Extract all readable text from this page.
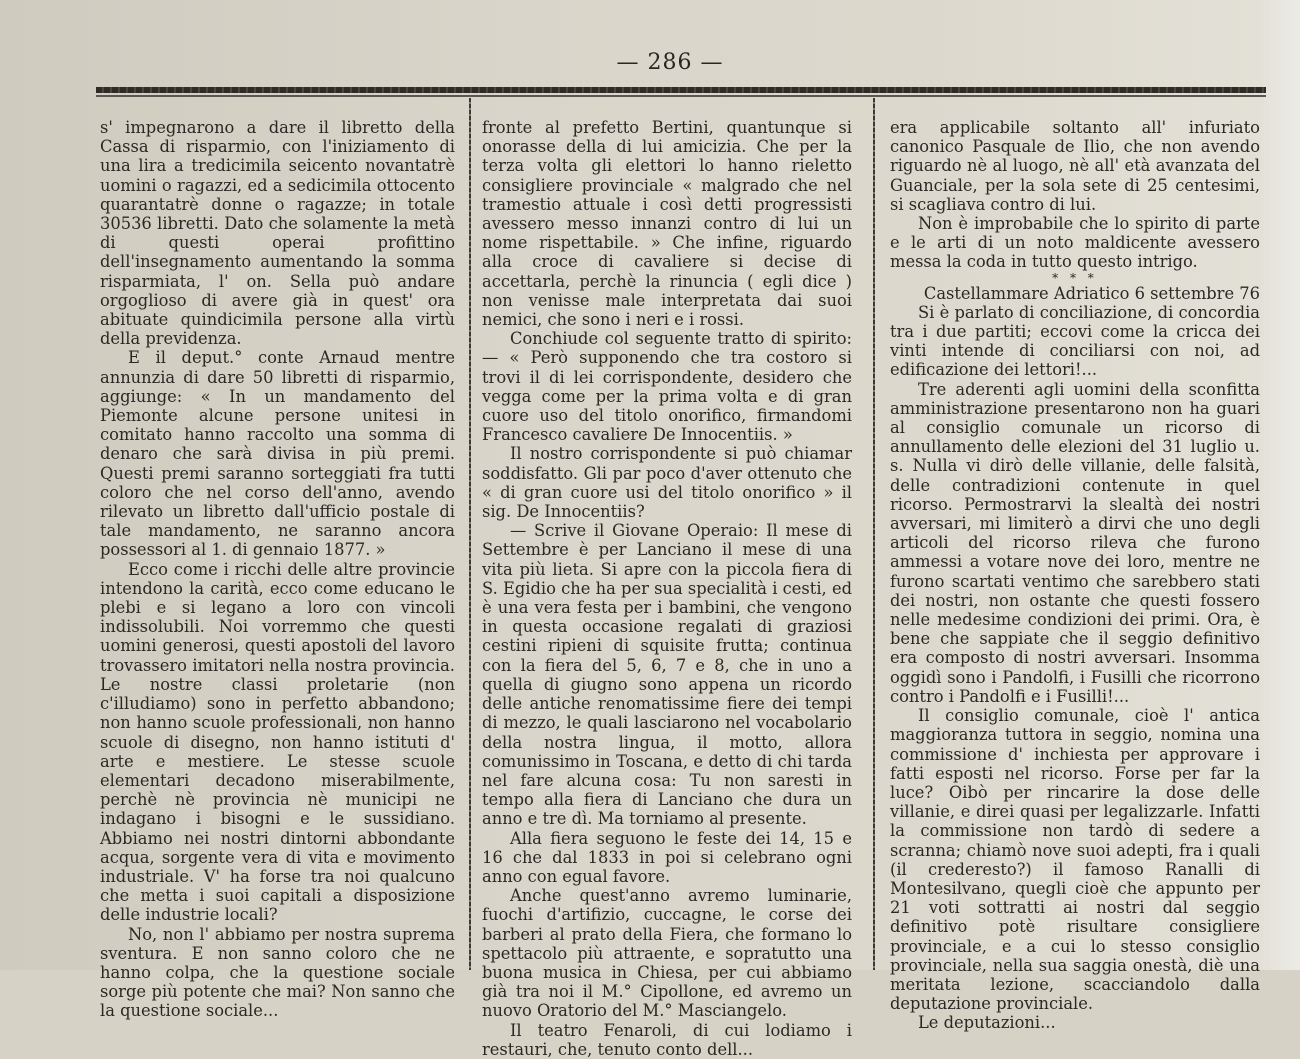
— 286 —

s' impegnarono a dare il libretto della Cassa di risparmio, con l'iniziamento di una lira a tredicimila seicento novantatrè uomini o ragazzi, ed a sedicimila ottocento quarantatrè donne o ragazze; in totale 30536 libretti. Dato che solamente la metà di questi operai profittino dell'insegnamento aumentando la somma risparmiata, l' on. Sella può andare orgoglioso di avere già in quest' ora abituate quindicimila persone alla virtù della previdenza.

E il deput.° conte Arnaud mentre annunzia di dare 50 libretti di risparmio, aggiunge: « In un mandamento del Piemonte alcune persone unitesi in comitato hanno raccolto una somma di denaro che sarà divisa in più premi. Questi premi saranno sorteggiati fra tutti coloro che nel corso dell'anno, avendo rilevato un libretto dall'ufficio postale di tale mandamento, ne saranno ancora possessori al 1. di gennaio 1877. »

Ecco come i ricchi delle altre provincie intendono la carità, ecco come educano le plebi e si legano a loro con vincoli indissolubili. Noi vorremmo che questi uomini generosi, questi apostoli del lavoro trovassero imitatori nella nostra provincia. Le nostre classi proletarie (non c'illudiamo) sono in perfetto abbandono; non hanno scuole professionali, non hanno scuole di disegno, non hanno istituti d' arte e mestiere. Le stesse scuole elementari decadono miserabilmente, perchè nè provincia nè municipi ne indagano i bisogni e le sussidiano. Abbiamo nei nostri dintorni abbondante acqua, sorgente vera di vita e movimento industriale. V' ha forse tra noi qualcuno che metta i suoi capitali a disposizione delle industrie locali?

No, non l' abbiamo per nostra suprema sventura. E non sanno coloro che ne hanno colpa, che la questione sociale sorge più potente che mai? Non sanno che la questione sociale...

fronte al prefetto Bertini, quantunque si onorasse della di lui amicizia. Che per la terza volta gli elettori lo hanno rieletto consigliere provinciale « malgrado che nel tramestio attuale i così detti progressisti avessero messo innanzi contro di lui un nome rispettabile. » Che infine, riguardo alla croce di cavaliere si decise di accettarla, perchè la rinuncia ( egli dice ) non venisse male interpretata dai suoi nemici, che sono i neri e i rossi.

Conchiude col seguente tratto di spirito:— « Però supponendo che tra costoro si trovi il di lei corrispondente, desidero che vegga come per la prima volta e di gran cuore uso del titolo onorifico, firmandomi Francesco cavaliere De Innocentiis. »

Il nostro corrispondente si può chiamar soddisfatto. Gli par poco d'aver ottenuto che « di gran cuore usi del titolo onorifico » il sig. De Innocentiis?

— Scrive il Giovane Operaio: Il mese di Settembre è per Lanciano il mese di una vita più lieta. Si apre con la piccola fiera di S. Egidio che ha per sua specialità i cesti, ed è una vera festa per i bambini, che vengono in questa occasione regalati di graziosi cestini ripieni di squisite frutta; continua con la fiera del 5, 6, 7 e 8, che in uno a quella di giugno sono appena un ricordo delle antiche renomatissime fiere dei tempi di mezzo, le quali lasciarono nel vocabolario della nostra lingua, il motto, allora comunissimo in Toscana, e detto di chi tarda nel fare alcuna cosa: Tu non saresti in tempo alla fiera di Lanciano che dura un anno e tre dì. Ma torniamo al presente.

Alla fiera seguono le feste dei 14, 15 e 16 che dal 1833 in poi si celebrano ogni anno con egual favore.

Anche quest'anno avremo luminarie, fuochi d'artifizio, cuccagne, le corse dei barberi al prato della Fiera, che formano lo spettacolo più attraente, e sopratutto una buona musica in Chiesa, per cui abbiamo già tra noi il M.° Cipollone, ed avremo un nuovo Oratorio del M.° Masciangelo.

Il teatro Fenaroli, di cui lodiamo i restauri, che, tenuto conto dell...

era applicabile soltanto all' infuriato canonico Pasquale de Ilio, che non avendo riguardo nè al luogo, nè all' età avanzata del Guanciale, per la sola sete di 25 centesimi, si scagliava contro di lui.

Non è improbabile che lo spirito di parte e le arti di un noto maldicente avessero messa la coda in tutto questo intrigo.

* * *

Castellammare Adriatico 6 settembre 76

Si è parlato di conciliazione, di concordia tra i due partiti; eccovi come la cricca dei vinti intende di conciliarsi con noi, ad edificazione dei lettori!...

Tre aderenti agli uomini della sconfitta amministrazione presentarono non ha guari al consiglio comunale un ricorso di annullamento delle elezioni del 31 luglio u. s. Nulla vi dirò delle villanie, delle falsità, delle contradizioni contenute in quel ricorso. Permostrarvi la slealtà dei nostri avversari, mi limiterò a dirvi che uno degli articoli del ricorso rileva che furono ammessi a votare nove dei loro, mentre ne furono scartati ventimo che sarebbero stati dei nostri, non ostante che questi fossero nelle medesime condizioni dei primi. Ora, è bene che sappiate che il seggio definitivo era composto di nostri avversari. Insomma oggidì sono i Pandolfi, i Fusilli che ricorrono contro i Pandolfi e i Fusilli!...

Il consiglio comunale, cioè l' antica maggioranza tuttora in seggio, nomina una commissione d' inchiesta per approvare i fatti esposti nel ricorso. Forse per far la luce? Oibò per rincarire la dose delle villanie, e direi quasi per legalizzarle. Infatti la commissione non tardò di sedere a scranna; chiamò nove suoi adepti, fra i quali (il crederesto?) il famoso Ranalli di Montesilvano, quegli cioè che appunto per 21 voti sottratti ai nostri dal seggio definitivo potè risultare consigliere provinciale, e a cui lo stesso consiglio provinciale, nella sua saggia onestà, diè una meritata lezione, scacciandolo dalla deputazione provinciale.

Le deputazioni...
